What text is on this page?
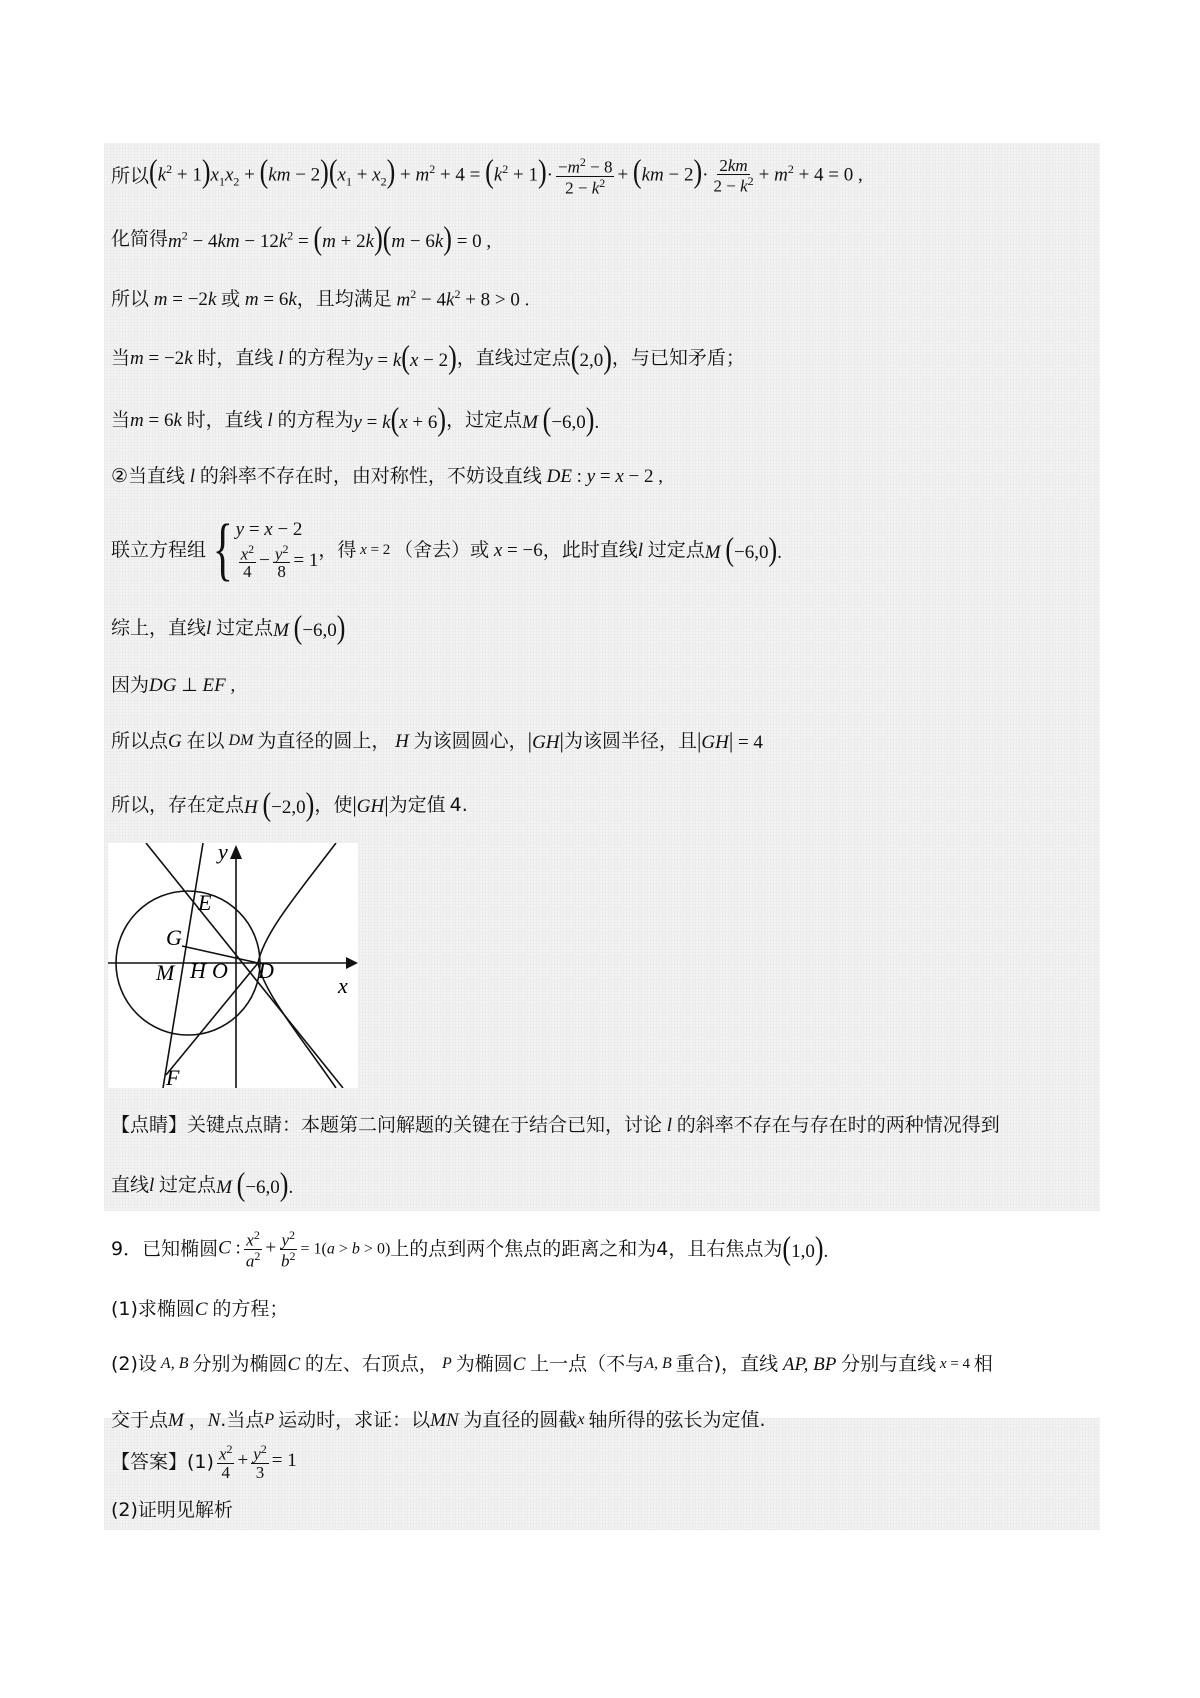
所以 $(k^2 + 1)x_1x_2 + (km - 2)(x_1 + x_2) + m^2 + 4 = (k^2 + 1)\cdot \frac{-m^2 - 8}{2 - k^2} + (km - 2)\cdot \frac{2km}{2 - k^2} + m^2 + 4 = 0$ ,
化简得 $m^2 - 4km - 12k^2 = (m + 2k)(m - 6k) = 0$ ,
所以 m = −2k 或 m = 6k ，且均满足 $m^2 - 4k^2 + 8 > 0$ .
当 m = −2k 时，直线 l 的方程为 y = k(x − 2) ，直线过定点 (2,0) ，与已知矛盾；
当 m = 6k 时，直线 l 的方程为 y = k(x + 6) ，过定点 M (−6,0).
②当直线 l 的斜率不存在时，由对称性，不妨设直线 DE : y = x − 2 ,
联立方程组 { y = x − 2
$\frac{x^2}{4} - \frac{y^2}{8} = 1$ ，得 x = 2 （舍去）或 x = −6 ，此时直线 l 过定点 M (−6,0).
综上，直线 l 过定点 M (−6,0)
因为 DG ⊥ EF ,
所以点 G 在以 DM 为直径的圆上， H 为该圆圆心， |GH| 为该圆半径，且 |GH| = 4
所以，存在定点 H (−2,0) ，使 |GH| 为定值 4.
y
x
E
G
M H O D
F
【点睛】关键点点睛：本题第二问解题的关键在于结合已知，讨论 l 的斜率不存在与存在时的两种情况得到
直线 l 过定点 M (−6,0).
9．已知椭圆 C : $\frac{x^2}{a^2} + \frac{y^2}{b^2} = 1(a > b > 0)$ 上的点到两个焦点的距离之和为 4，且右焦点为 (1,0).
(1)求椭圆 C 的方程；
(2)设 A, B 分别为椭圆 C 的左、右顶点， P 为椭圆 C 上一点（不与 A, B 重合)，直线 AP, BP 分别与直线 x = 4 相
交于点 M ， N .当点 P 运动时，求证：以 MN 为直径的圆截 x 轴所得的弦长为定值.
【答案】 $(1) \frac{x^2}{4} + \frac{y^2}{3} = 1$
(2)证明见解析
